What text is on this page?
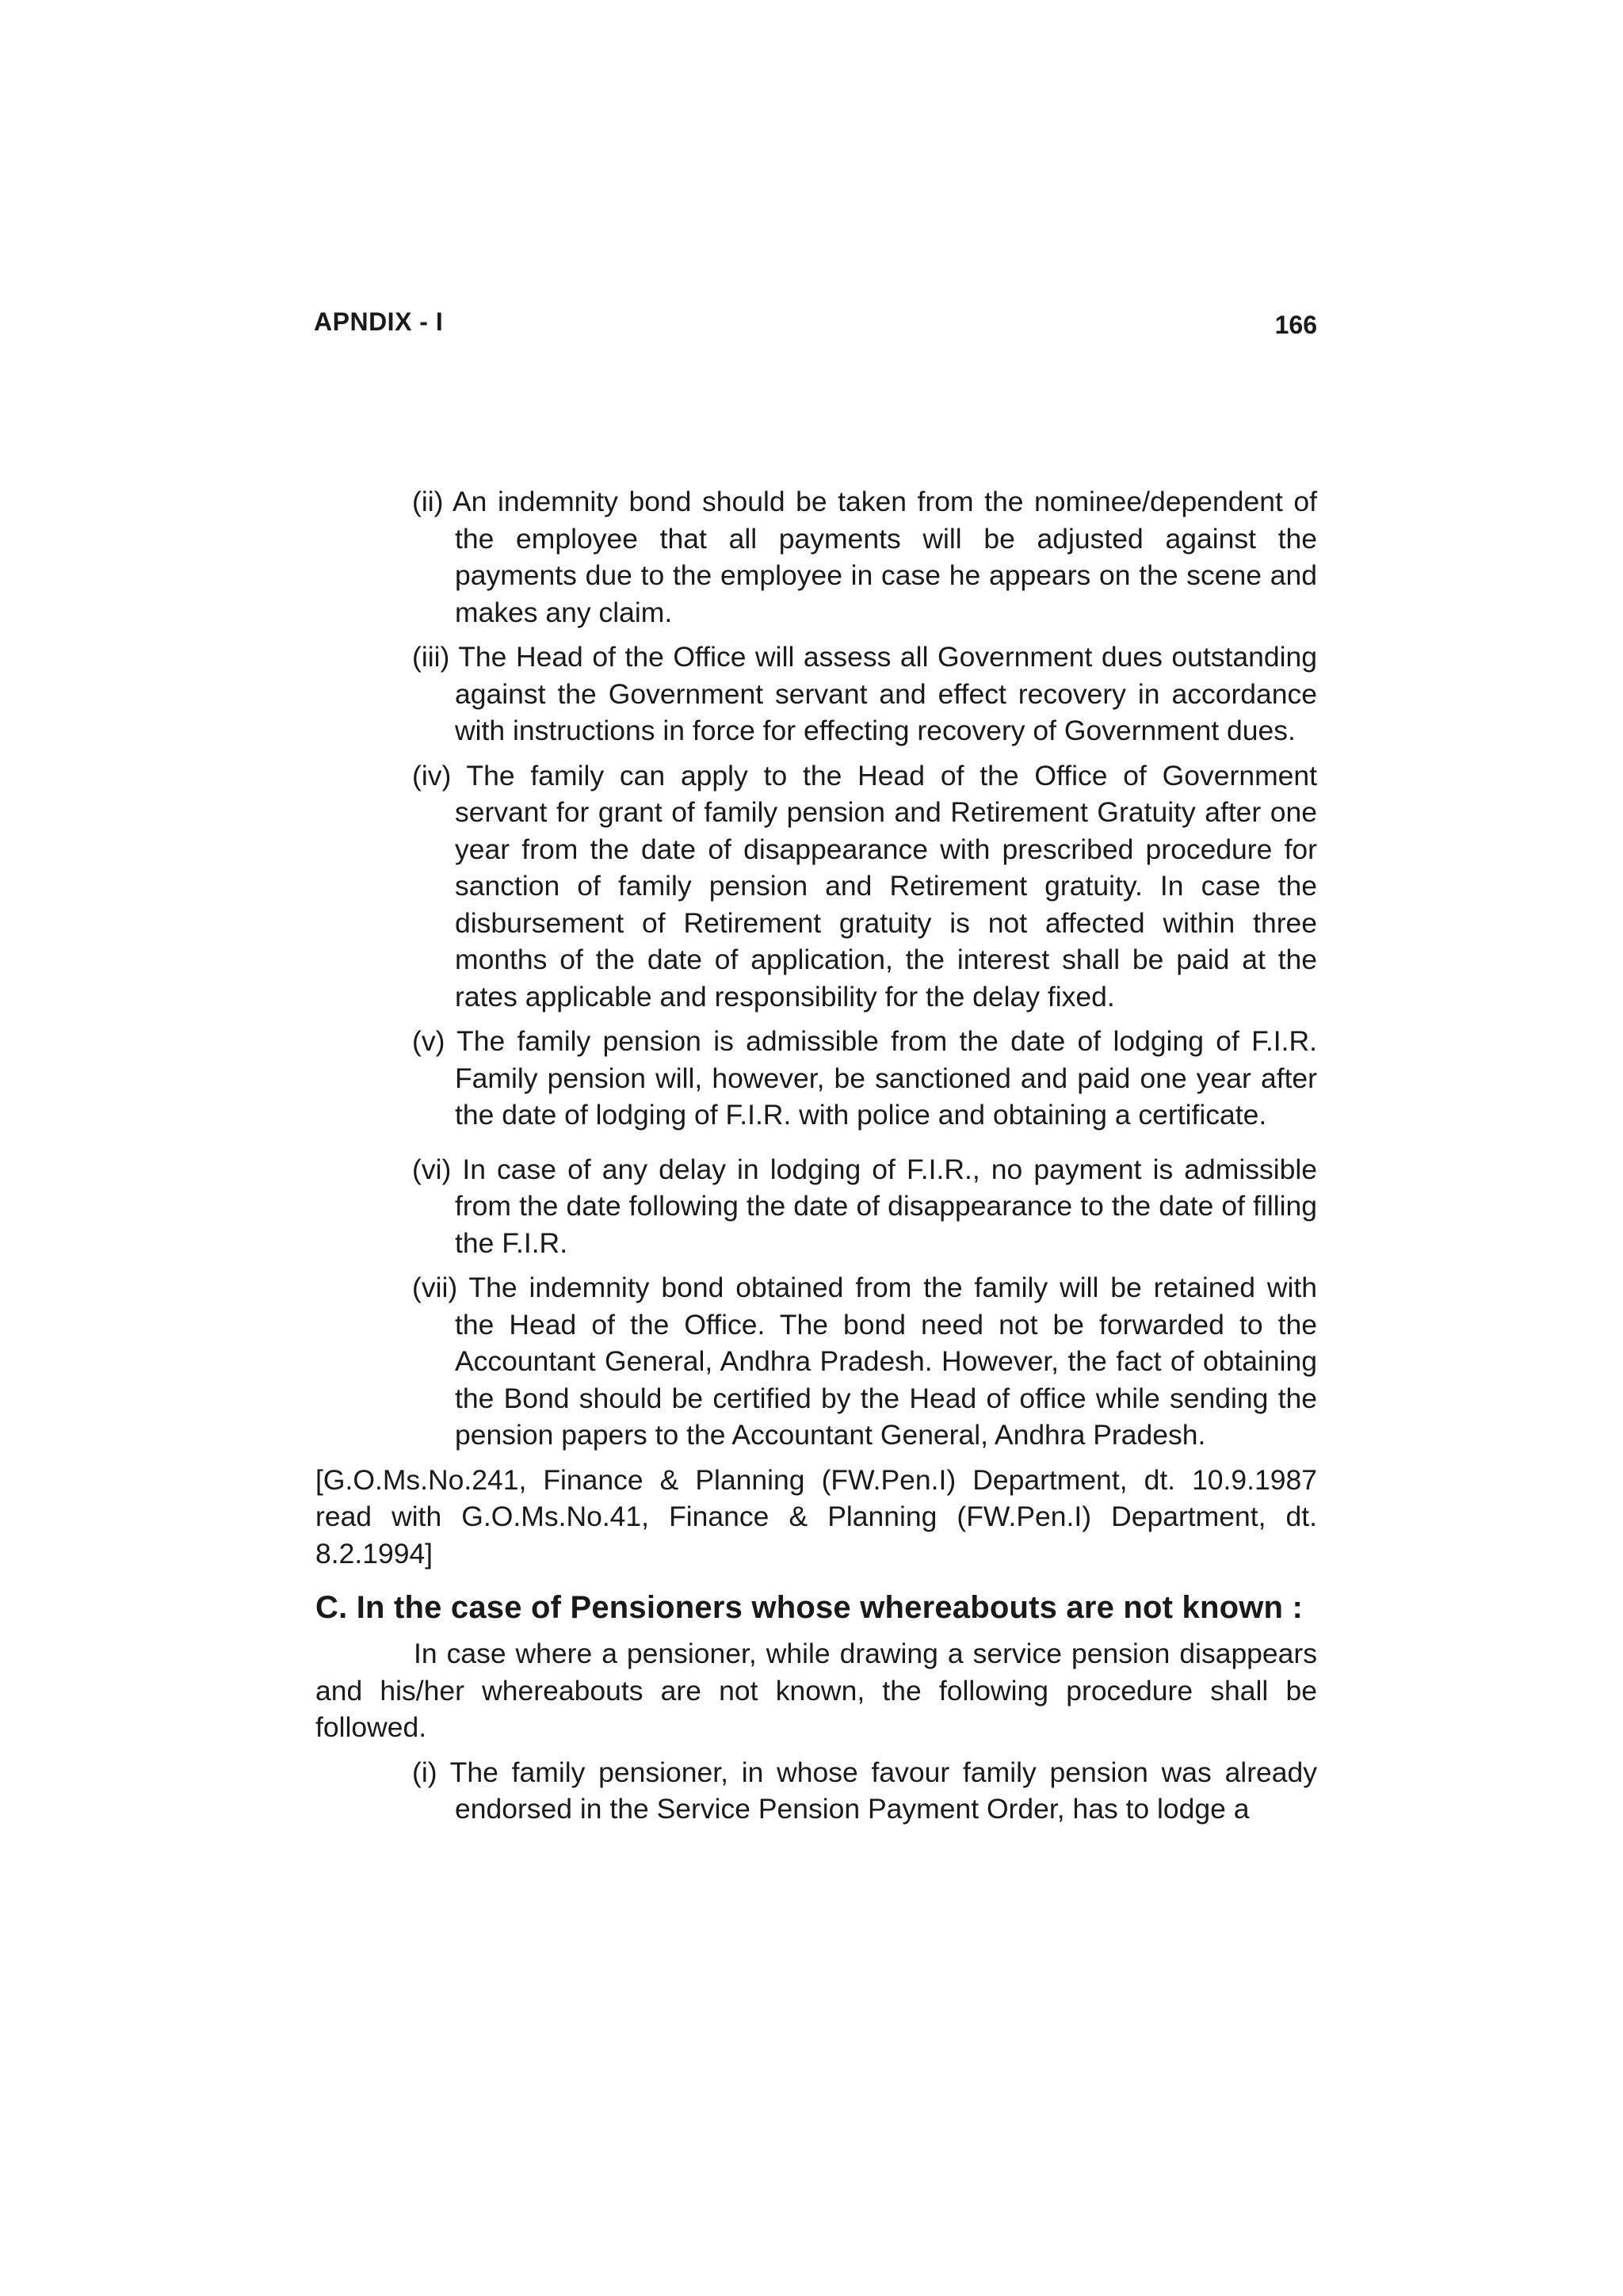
APNDIX - I	166

(ii) An indemnity bond should be taken from the nominee/dependent of the employee that all payments will be adjusted against the payments due to the employee in case he appears on the scene and makes any claim.

(iii) The Head of the Office will assess all Government dues outstanding against the Government servant and effect recovery in accordance with instructions in force for effecting recovery of Government dues.

(iv) The family can apply to the Head of the Office of Government servant for grant of family pension and Retirement Gratuity after one year from the date of disappearance with prescribed procedure for sanction of family pension and Retirement gratuity. In case the disbursement of Retirement gratuity is not affected within three months of the date of application, the interest shall be paid at the rates applicable and responsibility for the delay fixed.

(v) The family pension is admissible from the date of lodging of F.I.R. Family pension will, however, be sanctioned and paid one year after the date of lodging of F.I.R. with police and obtaining a certificate.

(vi) In case of any delay in lodging of F.I.R., no payment is admissible from the date following the date of disappearance to the date of filling the F.I.R.

(vii) The indemnity bond obtained from the family will be retained with the Head of the Office. The bond need not be forwarded to the Accountant General, Andhra Pradesh. However, the fact of obtaining the Bond should be certified by the Head of office while sending the pension papers to the Accountant General, Andhra Pradesh.

[G.O.Ms.No.241, Finance & Planning (FW.Pen.I) Department, dt. 10.9.1987 read with G.O.Ms.No.41, Finance & Planning (FW.Pen.I) Department, dt. 8.2.1994]

C. In the case of Pensioners whose whereabouts are not known :

In case where a pensioner, while drawing a service pension disappears and his/her whereabouts are not known, the following procedure shall be followed.

(i) The family pensioner, in whose favour family pension was already endorsed in the Service Pension Payment Order, has to lodge a
